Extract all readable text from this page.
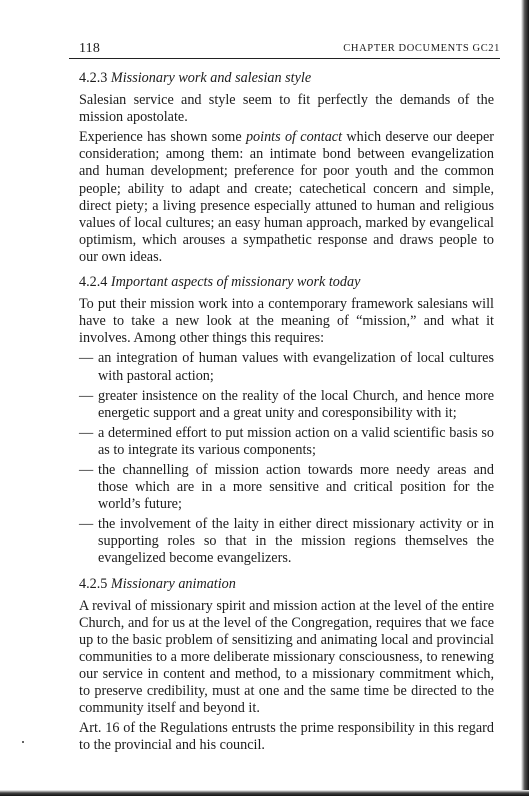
118	CHAPTER DOCUMENTS GC21
4.2.3 Missionary work and salesian style

Salesian service and style seem to fit perfectly the demands of the mission apostolate.

Experience has shown some points of contact which deserve our deeper consideration; among them: an intimate bond between evangelization and human development; preference for poor youth and the common people; ability to adapt and create; catechetical concern and simple, direct piety; a living presence especially attuned to human and religious values of local cultures; an easy human approach, marked by evangelical optimism, which arouses a sympathetic response and draws people to our own ideas.

4.2.4 Important aspects of missionary work today

To put their mission work into a contemporary framework salesians will have to take a new look at the meaning of “mission,” and what it involves. Among other things this requires:

— an integration of human values with evangelization of local cultures with pastoral action;
— greater insistence on the reality of the local Church, and hence more energetic support and a great unity and coresponsibility with it;
— a determined effort to put mission action on a valid scientific basis so as to integrate its various components;
— the channelling of mission action towards more needy areas and those which are in a more sensitive and critical position for the world’s future;
— the involvement of the laity in either direct missionary activity or in supporting roles so that in the mission regions themselves the evangelized become evangelizers.
4.2.5 Missionary animation

A revival of missionary spirit and mission action at the level of the entire Church, and for us at the level of the Congregation, requires that we face up to the basic problem of sensitizing and animating local and provincial communities to a more deliberate missionary consciousness, to renewing our service in content and method, to a missionary commitment which, to preserve credibility, must at one and the same time be directed to the community itself and beyond it.

Art. 16 of the Regulations entrusts the prime responsibility in this regard to the provincial and his council.
